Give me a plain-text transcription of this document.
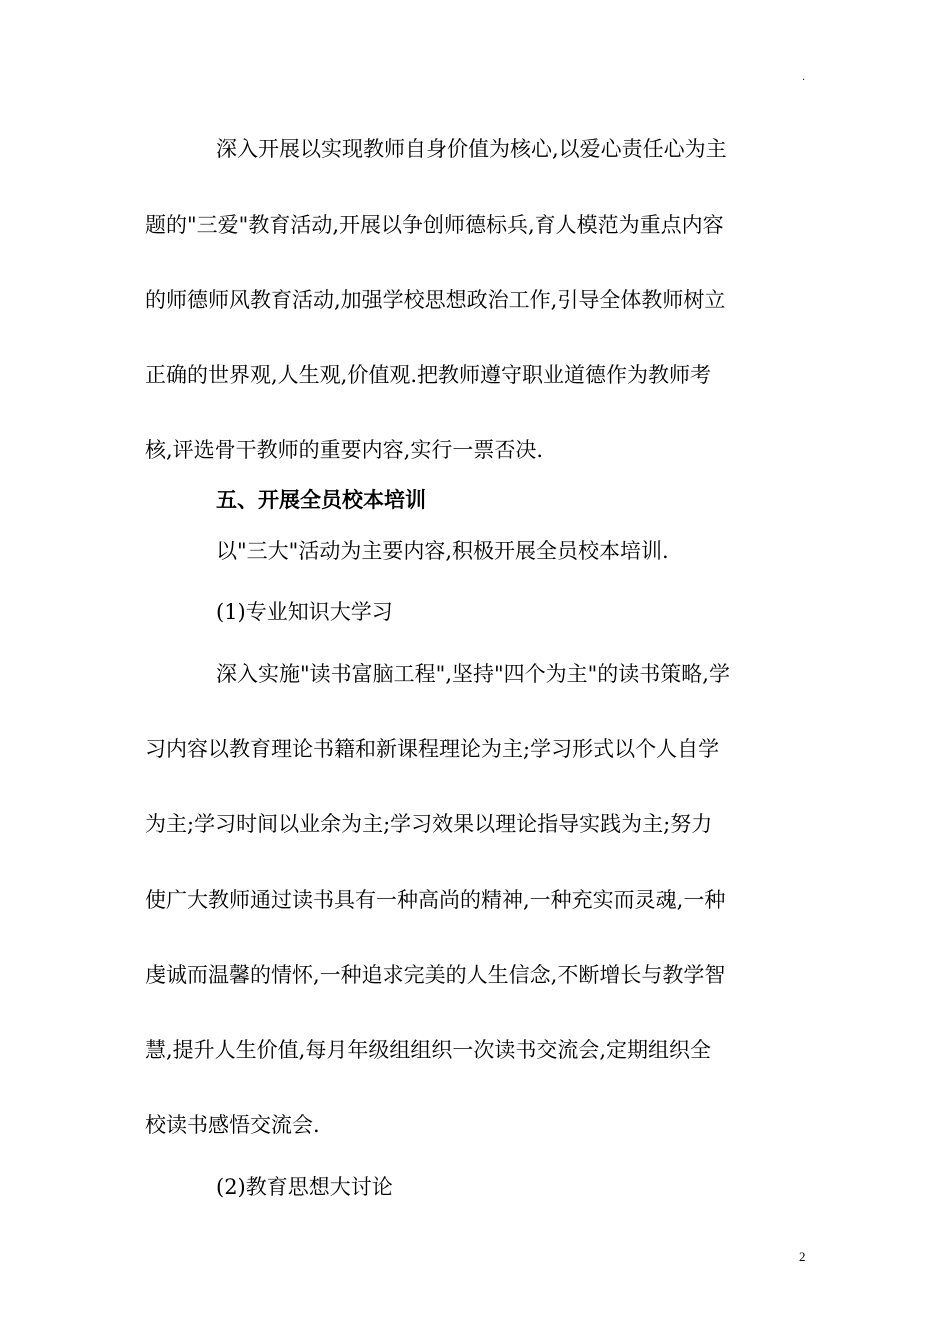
.
深入开展以实现教师自身价值为核心,以爱心责任心为主
题的"三爱"教育活动,开展以争创师德标兵,育人模范为重点内容
的师德师风教育活动,加强学校思想政治工作,引导全体教师树立
正确的世界观,人生观,价值观.把教师遵守职业道德作为教师考
核,评选骨干教师的重要内容,实行一票否决.
五、开展全员校本培训
以"三大"活动为主要内容,积极开展全员校本培训.
(1)专业知识大学习
深入实施"读书富脑工程",坚持"四个为主"的读书策略,学
习内容以教育理论书籍和新课程理论为主;学习形式以个人自学
为主;学习时间以业余为主;学习效果以理论指导实践为主;努力
使广大教师通过读书具有一种高尚的精神,一种充实而灵魂,一种
虔诚而温馨的情怀,一种追求完美的人生信念,不断增长与教学智
慧,提升人生价值,每月年级组组织一次读书交流会,定期组织全
校读书感悟交流会.
(2)教育思想大讨论
2
